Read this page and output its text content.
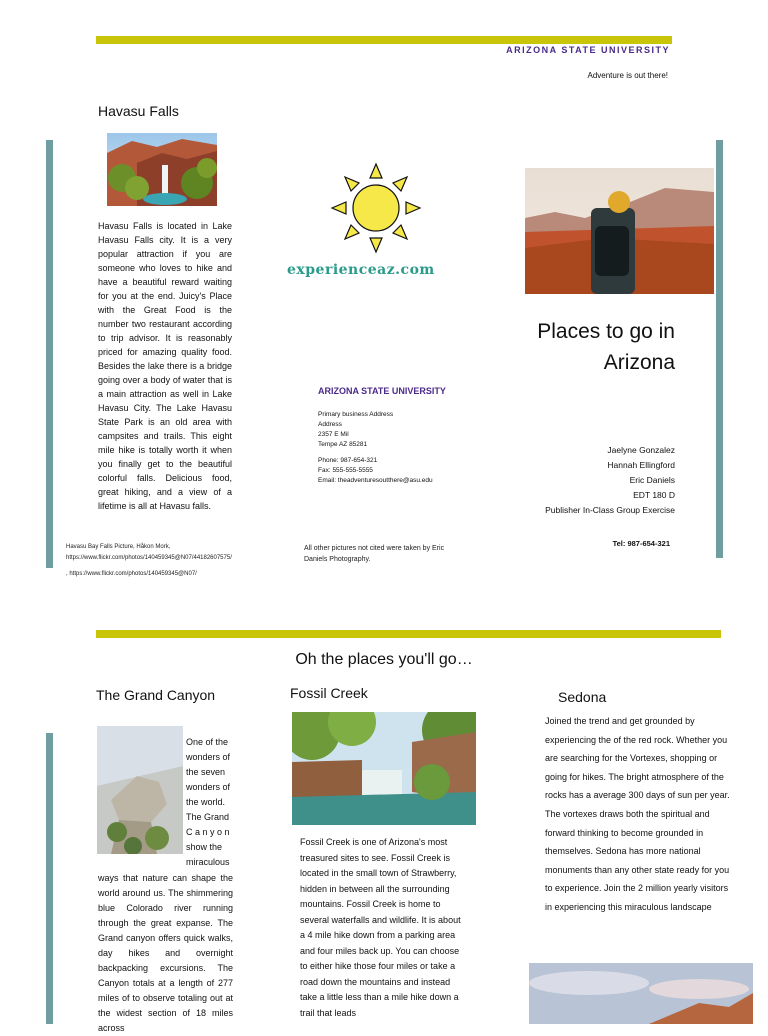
ARIZONA STATE UNIVERSITY
Adventure is out there!
Havasu Falls
Havasu Falls is located in Lake Havasu Falls city. It is a very popular attraction if you are someone who loves to hike and have a beautiful reward waiting for you at the end. Juicy's Place with the Great Food is the number two restaurant according to trip advisor. It is reasonably priced for amazing quality food. Besides the lake there is a bridge going over a body of water that is a main attraction as well in Lake Havasu City. The Lake Havasu State Park is an old area with campsites and trails. This eight mile hike is totally worth it when you finally get to the beautiful colorful falls. Delicious food, great hiking, and a view of a lifetime is all at Havasu falls.
Havasu Bay Falls Picture, Håkon Mork, https://www.flickr.com/photos/140459345@N07/44182607575/
, https://www.flickr.com/photos/140459345@N07/
experienceaz.com
ARIZONA STATE UNIVERSITY
Primary business Address
Address
2357 E Mil
Tempe AZ 85281
Phone: 987-654-321
Fax: 555-555-5555
Email: theadventuresoutthere@asu.edu
All other pictures not cited were taken by Eric Daniels Photography.
Places to go in
Arizona
Jaelyne Gonzalez
Hannah Ellingford
Eric Daniels
EDT 180 D
Publisher In-Class Group Exercise
Tel: 987-654-321
Oh the places you'll go…
The Grand Canyon
One of the
wonders of
the seven
wonders of
the world.
The Grand
C a n y o n
show the
miraculous
ways that nature can shape the world around us. The shimmering blue Colorado river running through the great expanse. The Grand canyon offers quick walks, day hikes and overnight backpacking excursions. The Canyon totals at a length of 277 miles of to observe totaling out at the widest section of 18 miles across
Fossil Creek
Fossil Creek is one of Arizona's most treasured sites to see. Fossil Creek is located in the small town of Strawberry, hidden in between all the surrounding mountains. Fossil Creek is home to several waterfalls and wildlife. It is about a 4 mile hike down from a parking area and four miles back up. You can choose to either hike those four miles or take a road down the mountains and instead take a little less than a mile hike down a trail that leads
Sedona
Joined the trend and get grounded by experiencing the of the red rock. Whether you are searching for the Vortexes, shopping or going for hikes. The bright atmosphere of the rocks has a average 300 days of sun per year. The vortexes draws both the spiritual and forward thinking to become grounded in themselves. Sedona has more national monuments than any other state ready for you to experience. Join the 2 million yearly visitors in experiencing this miraculous landscape
